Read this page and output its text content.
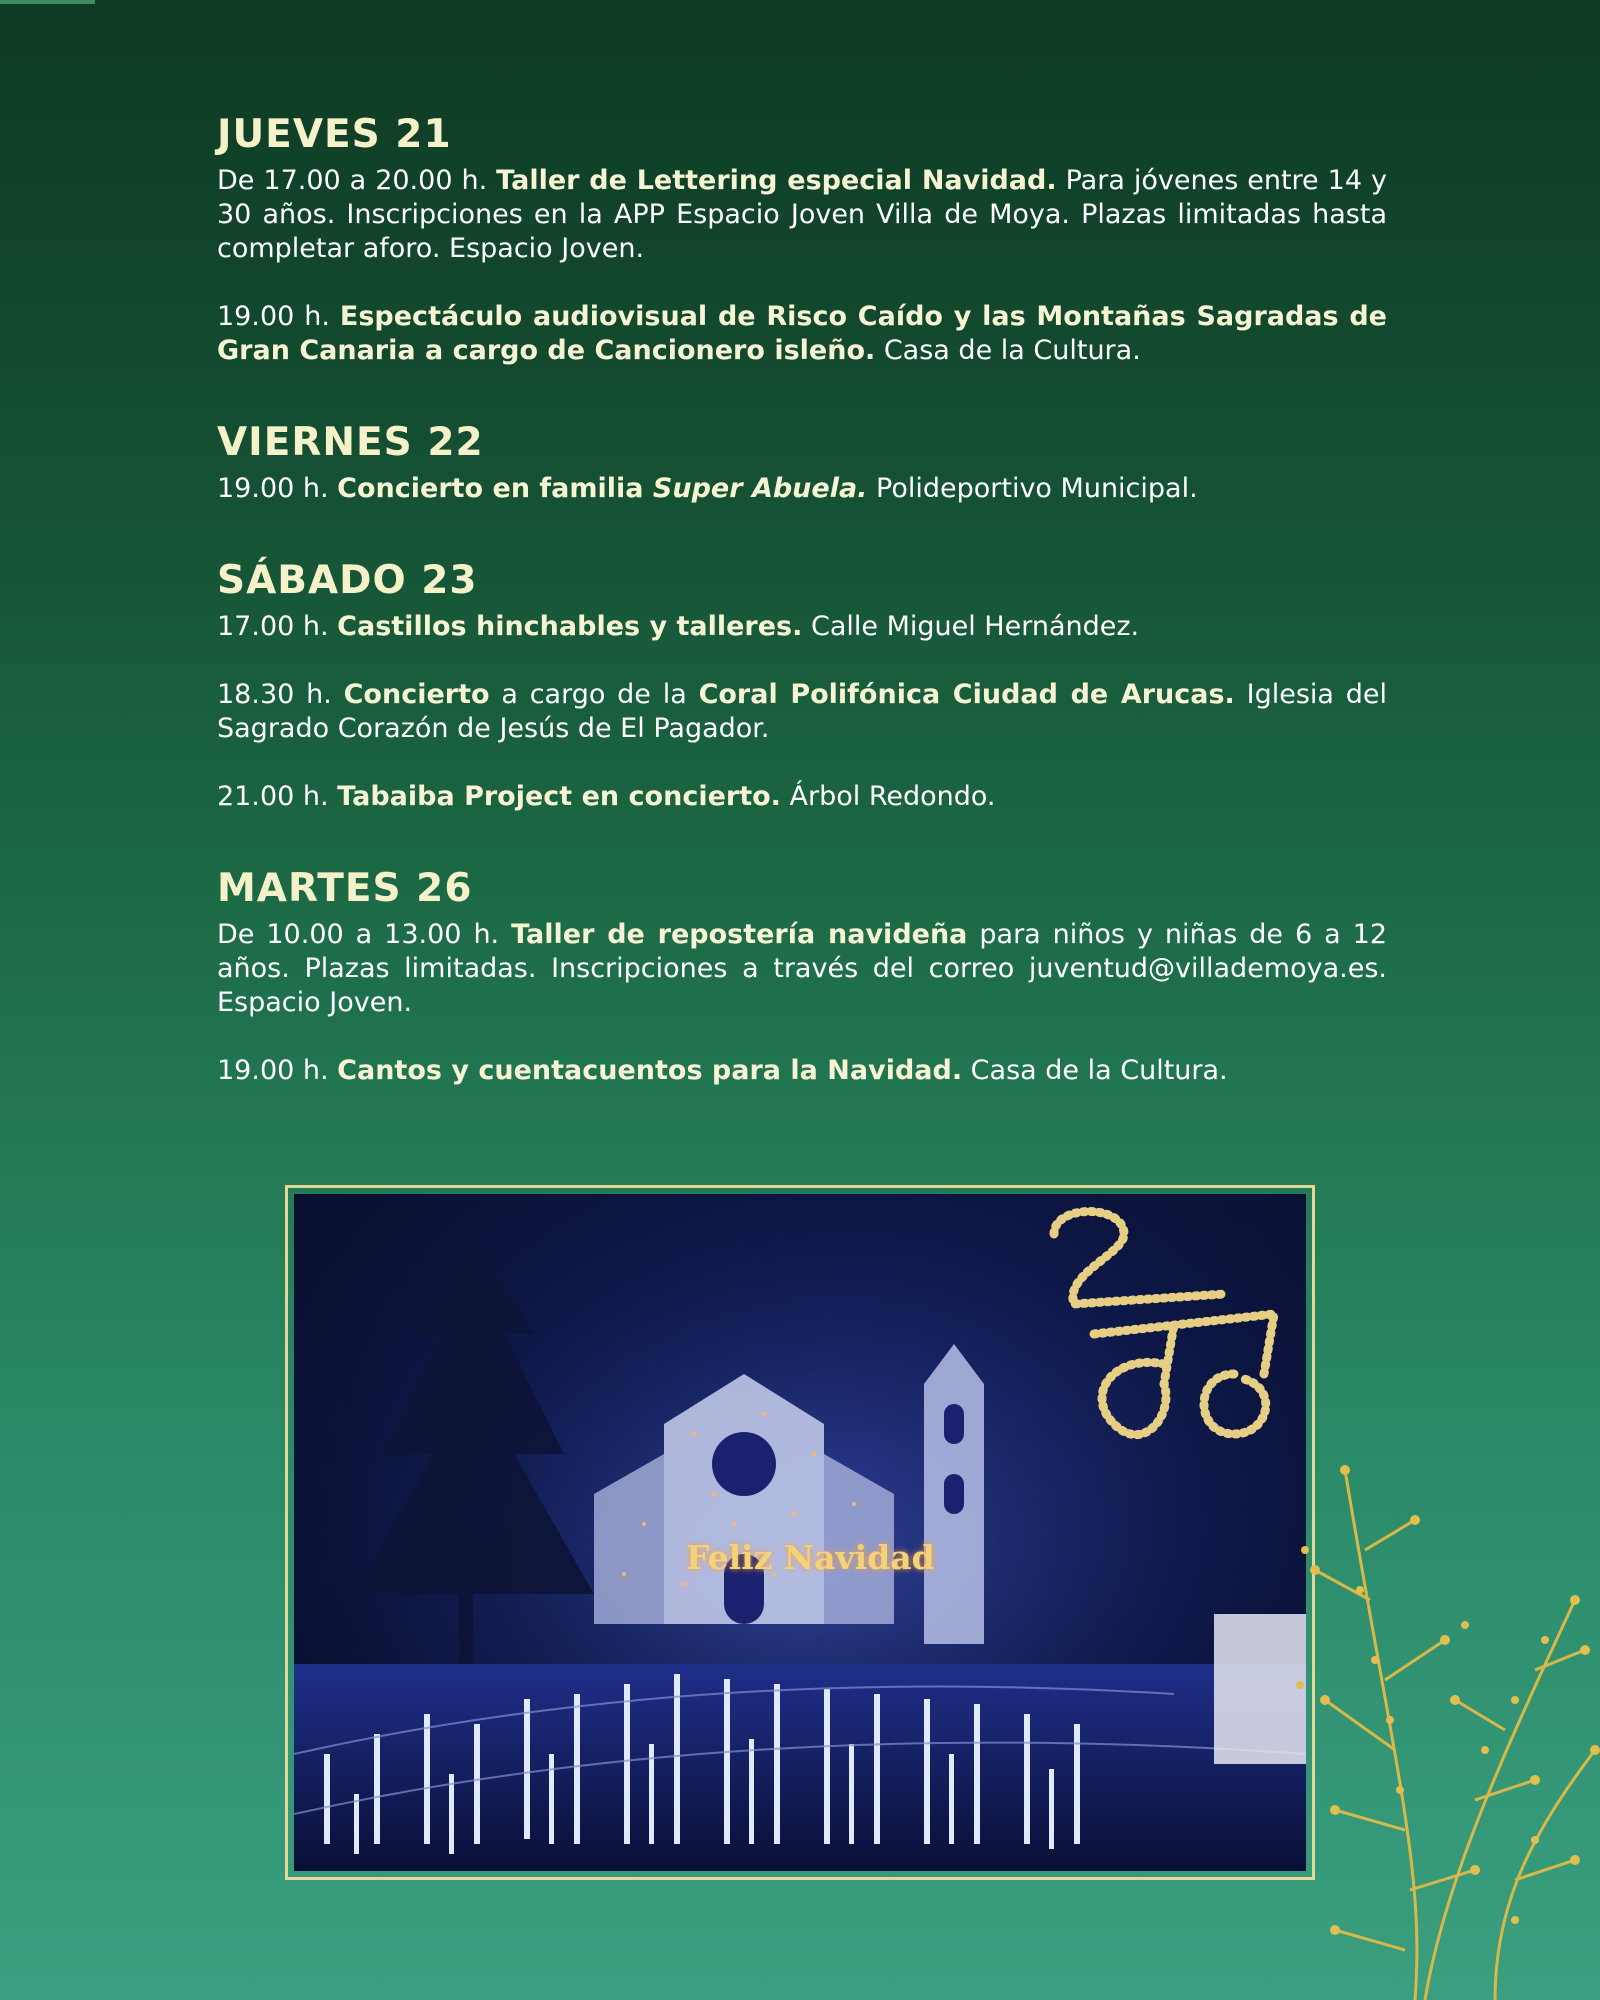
JUEVES 21

De 17.00 a 20.00 h. Taller de Lettering especial Navidad. Para jóvenes entre 14 y 30 años. Inscripciones en la APP Espacio Joven Villa de Moya. Plazas limitadas hasta completar aforo. Espacio Joven.

19.00 h. Espectáculo audiovisual de Risco Caído y las Montañas Sagradas de Gran Canaria a cargo de Cancionero isleño. Casa de la Cultura.

VIERNES 22

19.00 h. Concierto en familia Super Abuela. Polideportivo Municipal.

SÁBADO 23

17.00 h. Castillos hinchables y talleres. Calle Miguel Hernández.

18.30 h. Concierto a cargo de la Coral Polifónica Ciudad de Arucas. Iglesia del Sagrado Corazón de Jesús de El Pagador.

21.00 h. Tabaiba Project en concierto. Árbol Redondo.

MARTES 26

De 10.00 a 13.00 h. Taller de repostería navideña para niños y niñas de 6 a 12 años. Plazas limitadas. Inscripciones a través del correo juventud@villademoya.es. Espacio Joven.

19.00 h. Cantos y cuentacuentos para la Navidad. Casa de la Cultura.

Feliz Navidad
